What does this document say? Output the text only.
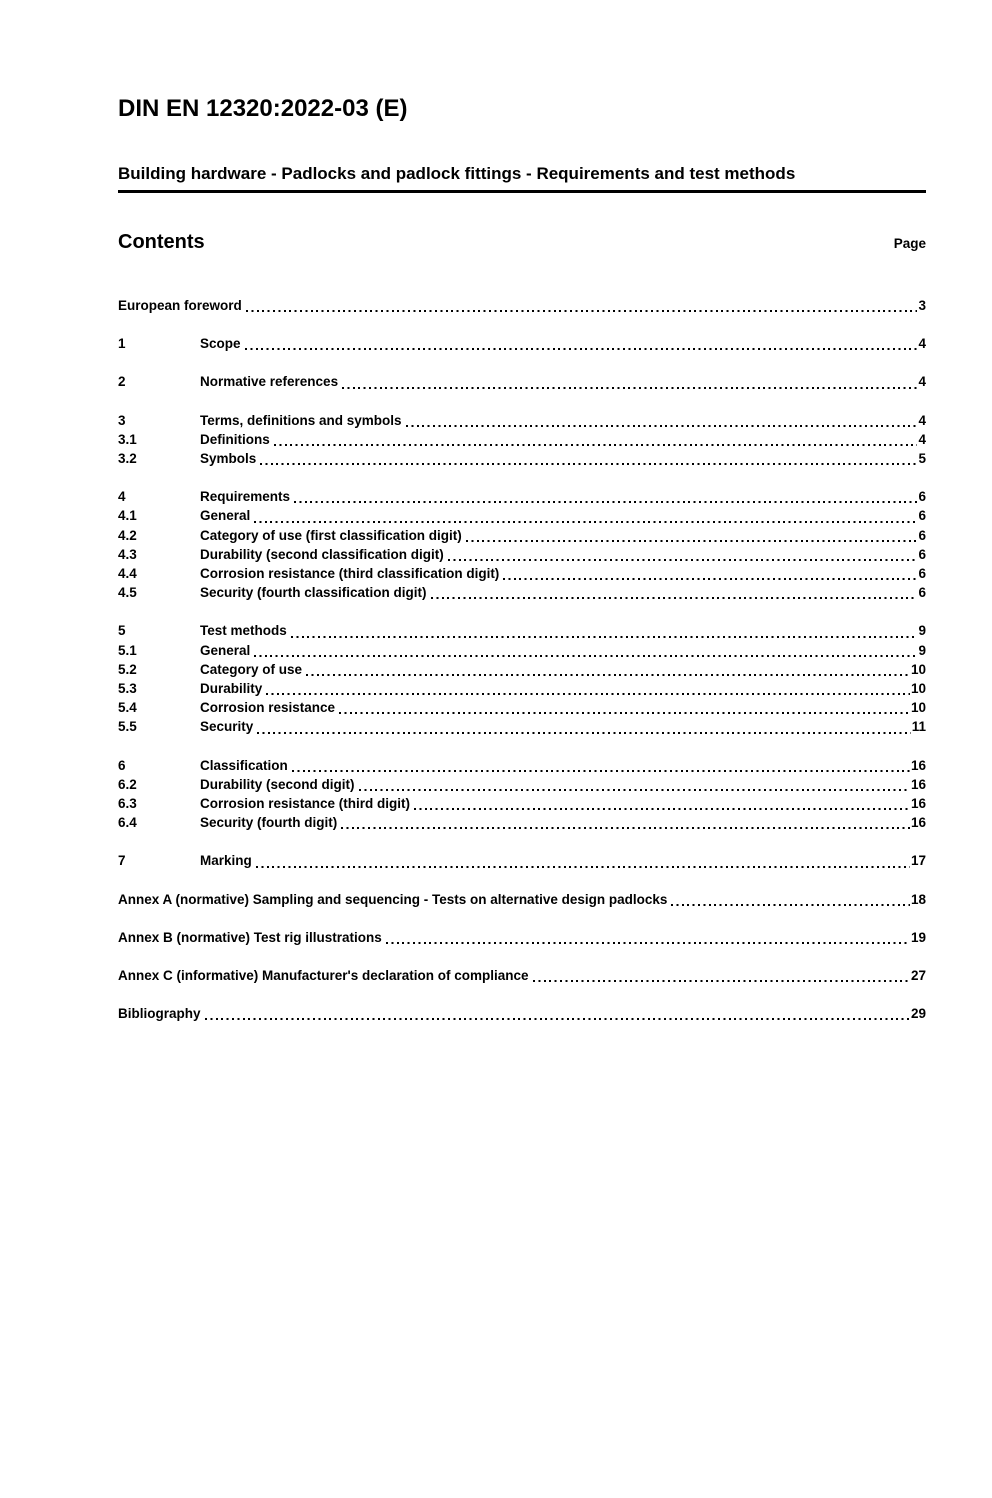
DIN EN 12320:2022-03 (E)
Building hardware - Padlocks and padlock fittings - Requirements and test methods
Contents	Page
European foreword	3
1	Scope	4
2	Normative references	4
3	Terms, definitions and symbols	4
3.1	Definitions	4
3.2	Symbols	5
4	Requirements	6
4.1	General	6
4.2	Category of use (first classification digit)	6
4.3	Durability (second classification digit)	6
4.4	Corrosion resistance (third classification digit)	6
4.5	Security (fourth classification digit)	6
5	Test methods	9
5.1	General	9
5.2	Category of use	10
5.3	Durability	10
5.4	Corrosion resistance	10
5.5	Security	11
6	Classification	16
6.2	Durability (second digit)	16
6.3	Corrosion resistance (third digit)	16
6.4	Security (fourth digit)	16
7	Marking	17
Annex A (normative) Sampling and sequencing - Tests on alternative design padlocks	18
Annex B (normative) Test rig illustrations	19
Annex C (informative) Manufacturer's declaration of compliance	27
Bibliography	29
